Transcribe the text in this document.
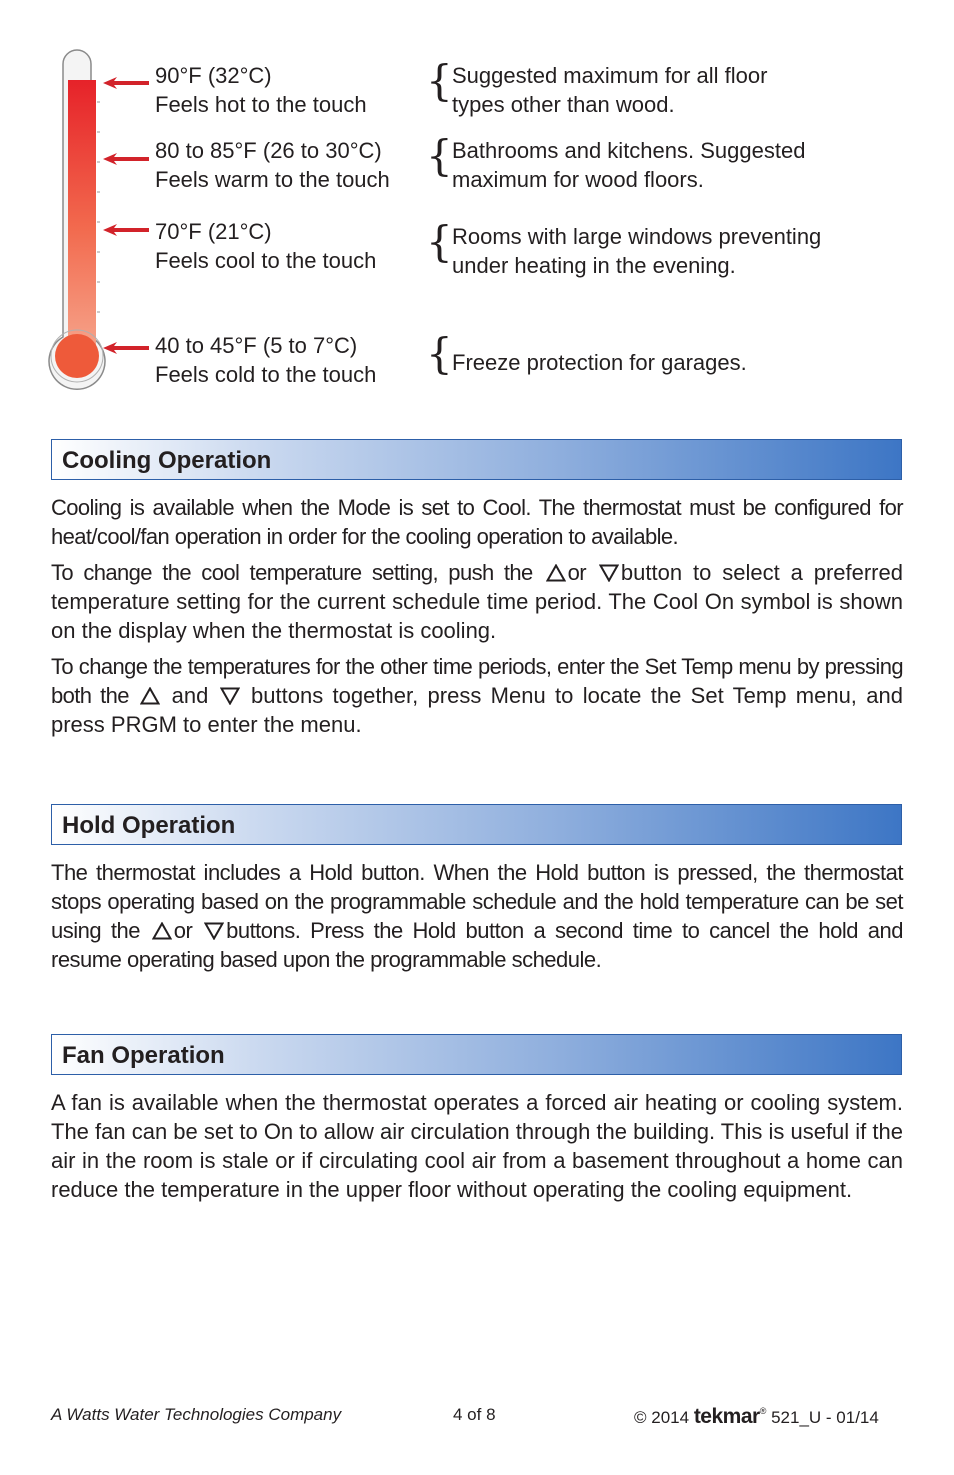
90°F (32°C)
Feels hot to the touch
80 to 85°F (26 to 30°C)
Feels warm to the touch
70°F (21°C)
Feels cool to the touch
40 to 45°F (5 to 7°C)
Feels cold to the touch
{
{
{
{
Suggested maximum for all floor
types other than wood.
Bathrooms and kitchens. Suggested
maximum for wood floors.
Rooms with large windows preventing
under heating in the evening.
Freeze protection for garages.
Cooling Operation

Cooling is available when the Mode is set to Cool. The thermostat must be configured for heat/cool/fan operation in order for the cooling operation to available.

To change the cool temperature setting, push the or button to select a preferred temperature setting for the current schedule time period. The Cool On symbol is shown on the display when the thermostat is cooling.

To change the temperatures for the other time periods, enter the Set Temp menu by pressing both the and buttons together, press Menu to locate the Set Temp menu, and press PRGM to enter the menu.

Hold Operation

The thermostat includes a Hold button. When the Hold button is pressed, the thermostat stops operating based on the programmable schedule and the hold temperature can be set using the or buttons. Press the Hold button a second time to cancel the hold and resume operating based upon the programmable schedule.

Fan Operation

A fan is available when the thermostat operates a forced air heating or cooling system. The fan can be set to On to allow air circulation through the building. This is useful if the air in the room is stale or if circulating cool air from a basement throughout a home can reduce the temperature in the upper floor without operating the cooling equipment.

A Watts Water Technologies Company	4 of 8	© 2014 tekmar® 521_U - 01/14
